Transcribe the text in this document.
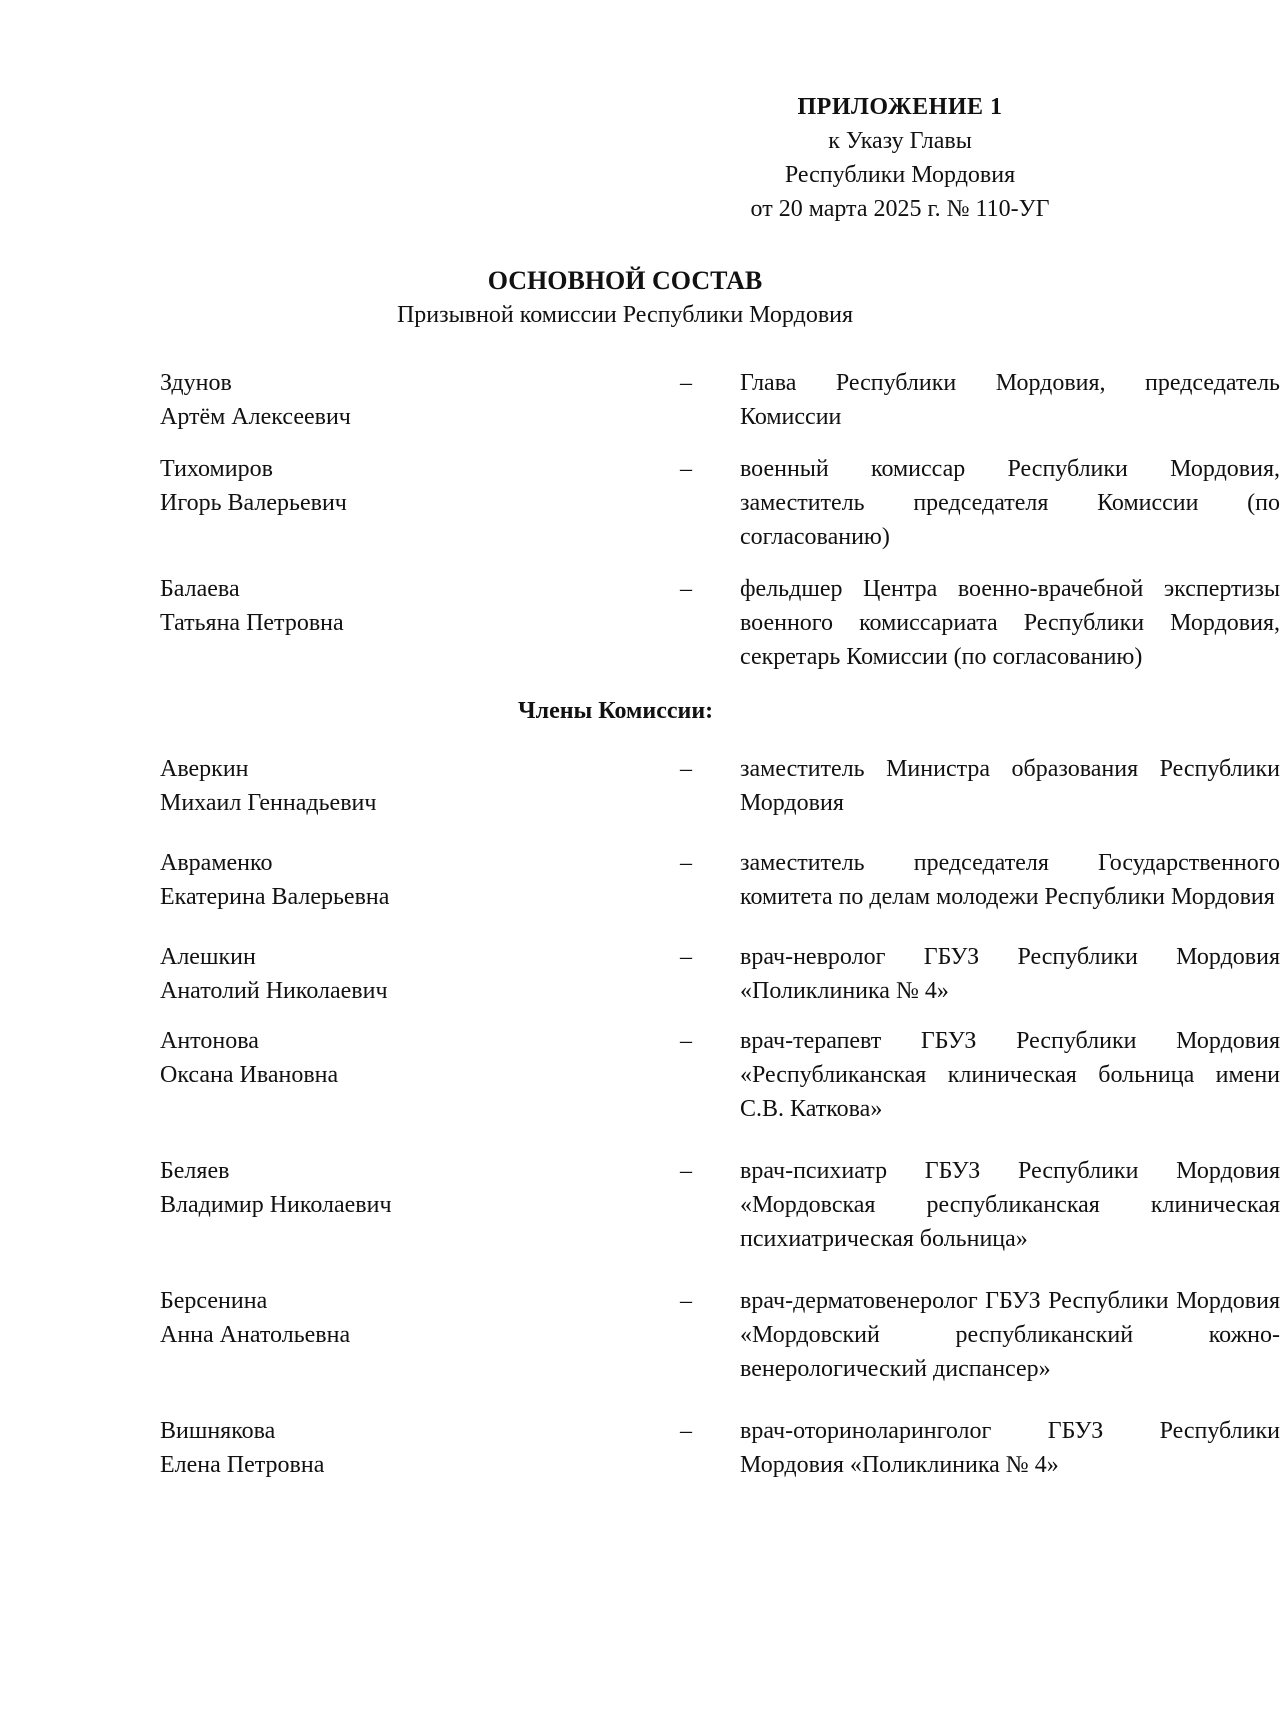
ПРИЛОЖЕНИЕ 1
к Указу Главы
Республики Мордовия
от 20 марта 2025 г. № 110-УГ
ОСНОВНОЙ СОСТАВ
Призывной комиссии Республики Мордовия
Здунов
Артём Алексеевич
–	Глава Республики Мордовия, председатель Комиссии
Тихомиров
Игорь Валерьевич
–	военный комиссар Республики Мордовия, заместитель председателя Комиссии (по согласованию)
Балаева
Татьяна Петровна
–	фельдшер Центра военно-врачебной экспертизы военного комиссариата Республики Мордовия, секретарь Комиссии (по согласованию)
Члены Комиссии:
Аверкин
Михаил Геннадьевич
–	заместитель Министра образования Республики Мордовия
Авраменко
Екатерина Валерьевна
–	заместитель председателя Государственного комитета по делам молодежи Республики Мордовия
Алешкин
Анатолий Николаевич
–	врач-невролог ГБУЗ Республики Мордовия «Поликлиника № 4»
Антонова
Оксана Ивановна
–	врач-терапевт ГБУЗ Республики Мордовия «Республиканская клиническая больница имени С.В. Каткова»
Беляев
Владимир Николаевич
–	врач-психиатр ГБУЗ Республики Мордовия «Мордовская республиканская клиническая психиатрическая больница»
Берсенина
Анна Анатольевна
–	врач-дерматовенеролог ГБУЗ Республики Мордовия «Мордовский республиканский кожно-венерологический диспансер»
Вишнякова
Елена Петровна
–	врач-оториноларинголог ГБУЗ Республики Мордовия «Поликлиника № 4»
